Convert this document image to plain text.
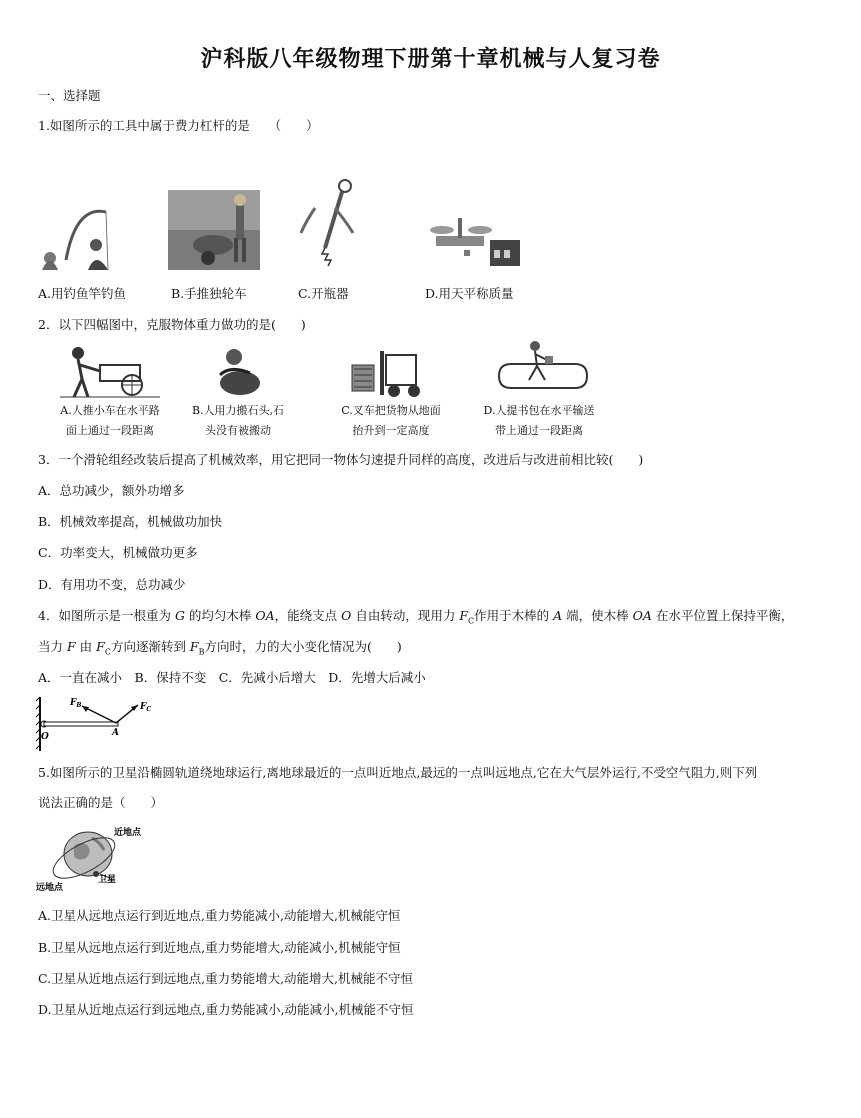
沪科版八年级物理下册第十章机械与人复习卷
一、选择题
1.如图所示的工具中属于费力杠杆的是　　（　　）
A.用钓鱼竿钓鱼	B.手推独轮车	C.开瓶器	D.用天平称质量
2．以下四幅图中，克服物体重力做功的是(　　)
A.人推小车在水平路
面上通过一段距离
B.人用力搬石头,石
头没有被搬动
C.叉车把货物从地面
抬升到一定高度
D.人提书包在水平输送
带上通过一段距离
3．一个滑轮组经改装后提高了机械效率，用它把同一物体匀速提升同样的高度，改进后与改进前相比较(　　)
A．总功减少，额外功增多
B．机械效率提高，机械做功加快
C．功率变大，机械做功更多
D．有用功不变，总功减少
4．如图所示是一根重为 G 的均匀木棒 OA，能绕支点 O 自由转动，现用力 $F_C$作用于木棒的 A 端，使木棒 OA 在水平位置上保持平衡，
当力 F 由 $F_C$方向逐渐转到 $F_B$方向时，力的大小变化情况为(　　)
A．一直在减小　B．保持不变　C．先减小后增大　D．先增大后减小
$F_B$	$F_C$
O	A
5.如图所示的卫星沿椭圆轨道绕地球运行,离地球最近的一点叫近地点,最远的一点叫远地点,它在大气层外运行,不受空气阻力,则下列
说法正确的是（　　）
近地点
远地点
卫星
A.卫星从远地点运行到近地点,重力势能减小,动能增大,机械能守恒
B.卫星从远地点运行到近地点,重力势能增大,动能减小,机械能守恒
C.卫星从近地点运行到远地点,重力势能增大,动能增大,机械能不守恒
D.卫星从近地点运行到远地点,重力势能减小,动能减小,机械能不守恒
